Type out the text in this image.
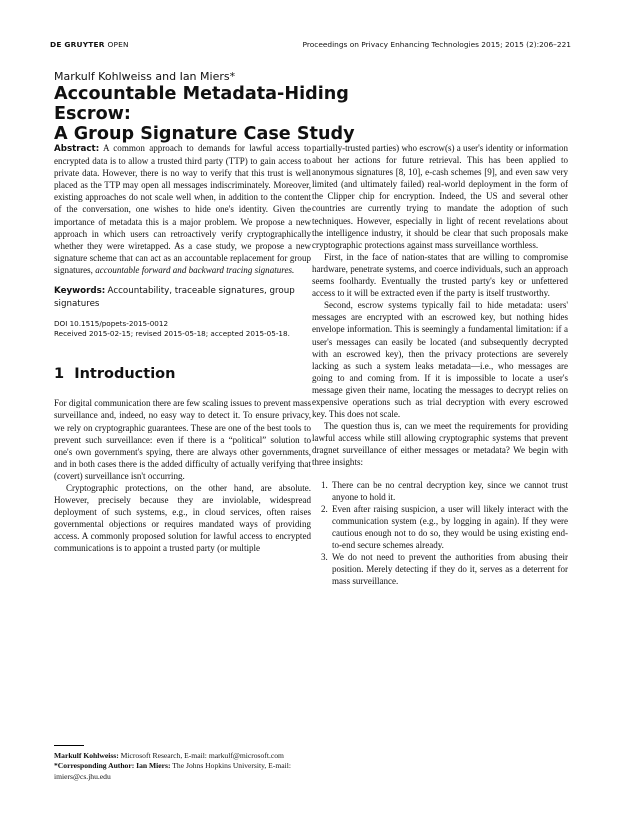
DE GRUYTER OPEN	Proceedings on Privacy Enhancing Technologies 2015; 2015 (2):206–221
Markulf Kohlweiss and Ian Miers*
Accountable Metadata-Hiding Escrow:
A Group Signature Case Study

Abstract: A common approach to demands for lawful access to encrypted data is to allow a trusted third party (TTP) to gain access to private data. However, there is no way to verify that this trust is well placed as the TTP may open all messages indiscriminately. Moreover, existing approaches do not scale well when, in addition to the content of the conversation, one wishes to hide one's identity. Given the importance of metadata this is a major problem. We propose a new approach in which users can retroactively verify cryptographically whether they were wiretapped. As a case study, we propose a new signature scheme that can act as an accountable replacement for group signatures, accountable forward and backward tracing signatures.

Keywords: Accountability, traceable signatures, group signatures

DOI 10.1515/popets-2015-0012

Received 2015-02-15; revised 2015-05-18; accepted 2015-05-18.

1 Introduction

For digital communication there are few scaling issues to prevent mass surveillance and, indeed, no easy way to detect it. To ensure privacy, we rely on cryptographic guarantees. These are one of the best tools to prevent such surveillance: even if there is a “political” solution to one's own government's spying, there are always other governments, and in both cases there is the added difficulty of actually verifying that (covert) surveillance isn't occurring.

Cryptographic protections, on the other hand, are absolute. However, precisely because they are inviolable, widespread deployment of such systems, e.g., in cloud services, often raises governmental objections or requires mandated ways of providing access. A commonly proposed solution for lawful access to encrypted communications is to appoint a trusted party (or multiple

Markulf Kohlweiss: Microsoft Research, E-mail: markulf@microsoft.com
*Corresponding Author: Ian Miers: The Johns Hopkins University, E-mail: imiers@cs.jhu.edu

partially-trusted parties) who escrow(s) a user's identity or information about her actions for future retrieval. This has been applied to anonymous signatures [8, 10], e-cash schemes [9], and even saw very limited (and ultimately failed) real-world deployment in the form of the Clipper chip for encryption. Indeed, the US and several other countries are currently trying to mandate the adoption of such techniques. However, especially in light of recent revelations about the intelligence industry, it should be clear that such proposals make cryptographic protections against mass surveillance worthless.

First, in the face of nation-states that are willing to compromise hardware, penetrate systems, and coerce individuals, such an approach seems foolhardy. Eventually the trusted party's key or unfettered access to it will be extracted even if the party is itself trustworthy.

Second, escrow systems typically fail to hide metadata: users' messages are encrypted with an escrowed key, but nothing hides envelope information. This is seemingly a fundamental limitation: if a user's messages can easily be located (and subsequently decrypted with an escrowed key), then the privacy protections are severely lacking as such a system leaks metadata—i.e., who messages are going to and coming from. If it is impossible to locate a user's message given their name, locating the messages to decrypt relies on expensive operations such as trial decryption with every escrowed key. This does not scale.

The question thus is, can we meet the requirements for providing lawful access while still allowing cryptographic systems that prevent dragnet surveillance of either messages or metadata? We begin with three insights:

1. There can be no central decryption key, since we cannot trust anyone to hold it.
2. Even after raising suspicion, a user will likely interact with the communication system (e.g., by logging in again). If they were cautious enough not to do so, they would be using existing end-to-end secure schemes already.
3. We do not need to prevent the authorities from abusing their position. Merely detecting if they do it, serves as a deterrent for mass surveillance.
